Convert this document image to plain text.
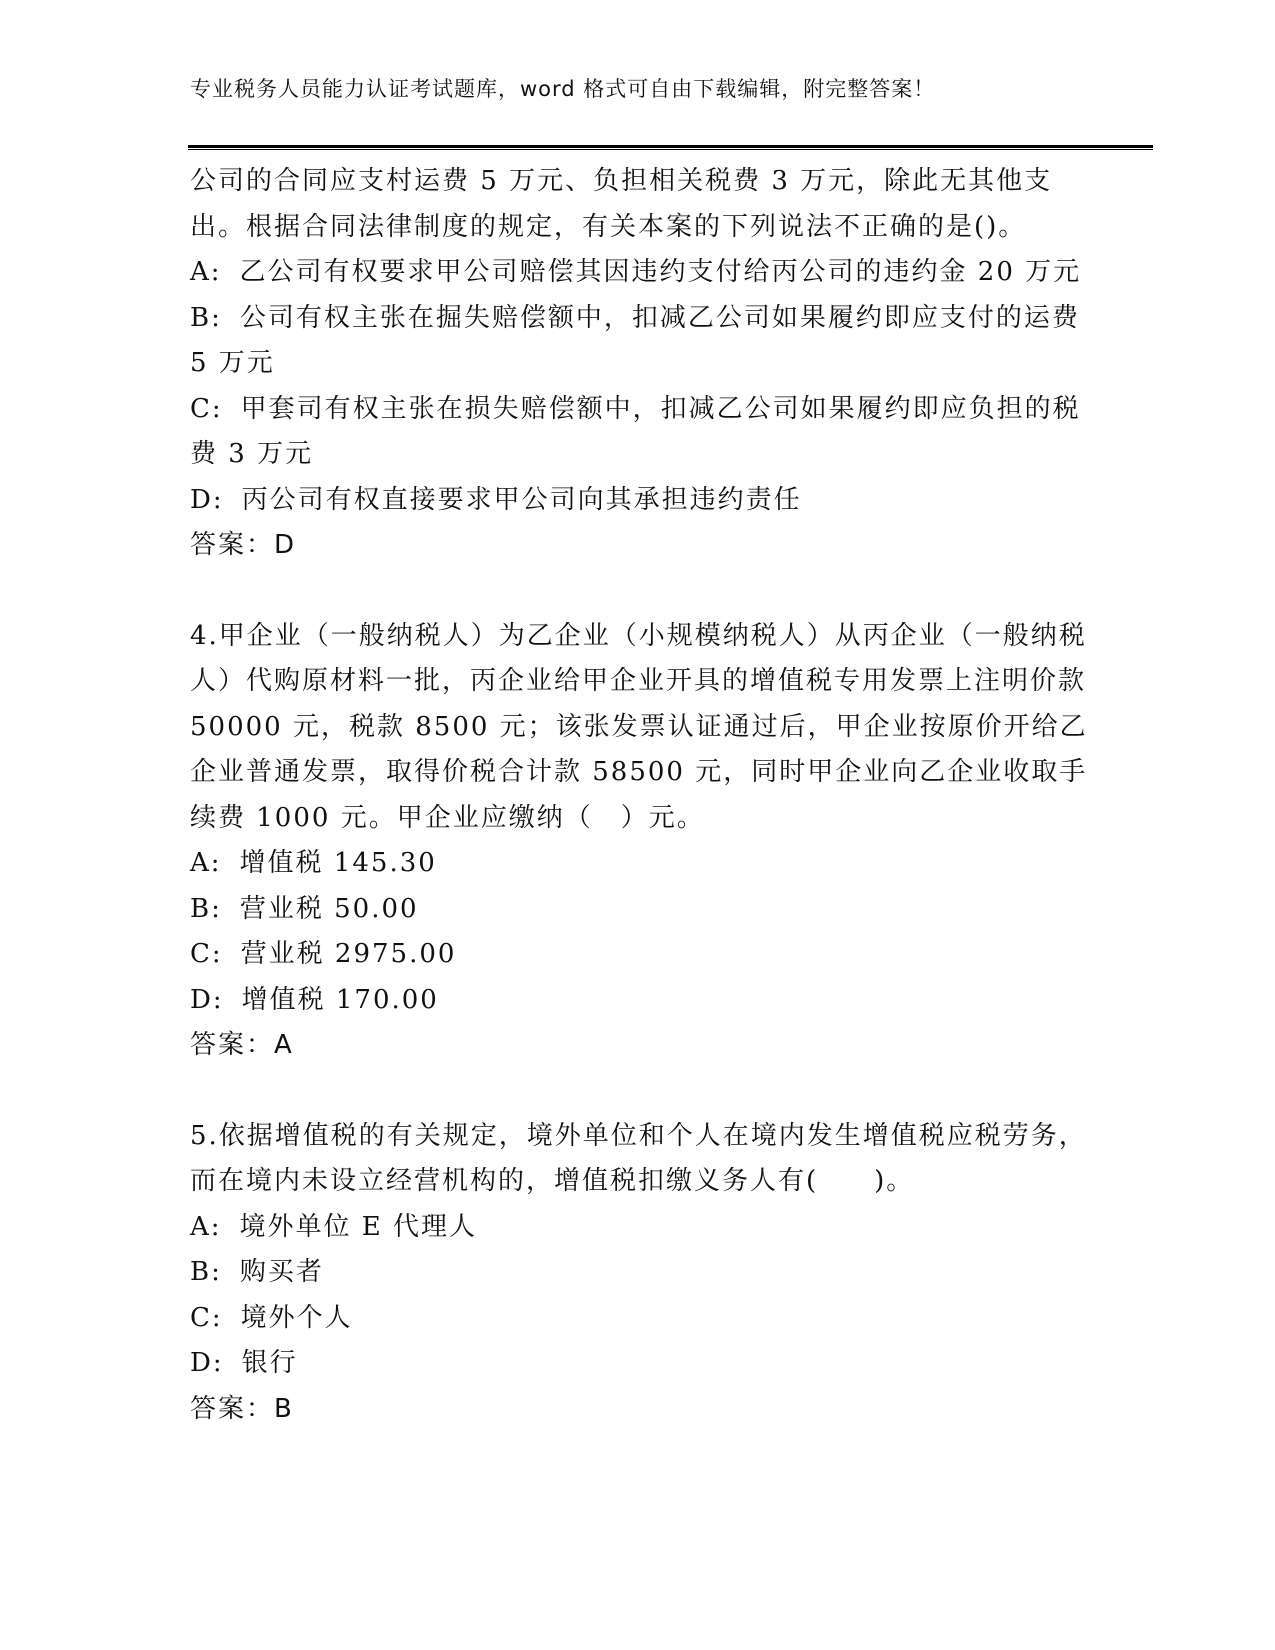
专业税务人员能力认证考试题库，word 格式可自由下载编辑，附完整答案！

公司的合同应支村运费 5 万元、负担相关税费 3 万元，除此无其他支出。根据合同法律制度的规定，有关本案的下列说法不正确的是()。

A: 乙公司有权要求甲公司赔偿其因违约支付给丙公司的违约金 20 万元

B: 公司有权主张在掘失赔偿额中，扣减乙公司如果履约即应支付的运费 5 万元

C: 甲套司有权主张在损失赔偿额中，扣减乙公司如果履约即应负担的税费 3 万元

D: 丙公司有权直接要求甲公司向其承担违约责任

答案：D

4.甲企业（一般纳税人）为乙企业（小规模纳税人）从丙企业（一般纳税人）代购原材料一批，丙企业给甲企业开具的增值税专用发票上注明价款 50000 元，税款 8500 元；该张发票认证通过后，甲企业按原价开给乙企业普通发票，取得价税合计款 58500 元，同时甲企业向乙企业收取手续费 1000 元。甲企业应缴纳（　）元。

A: 增值税 145.30

B: 营业税 50.00

C: 营业税 2975.00

D: 增值税 170.00

答案：A

5.依据增值税的有关规定，境外单位和个人在境内发生增值税应税劳务，而在境内未设立经营机构的，增值税扣缴义务人有(　　)。

A: 境外单位 E 代理人

B: 购买者

C: 境外个人

D: 银行

答案：B
